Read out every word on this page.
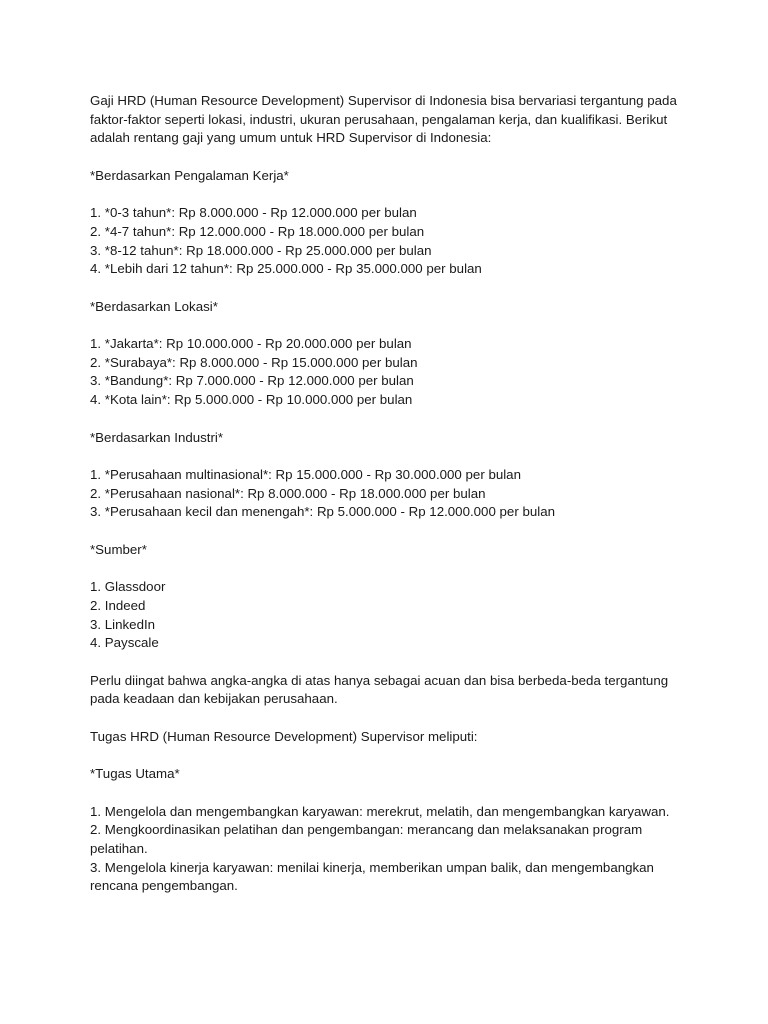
Gaji HRD (Human Resource Development) Supervisor di Indonesia bisa bervariasi tergantung pada faktor-faktor seperti lokasi, industri, ukuran perusahaan, pengalaman kerja, dan kualifikasi. Berikut adalah rentang gaji yang umum untuk HRD Supervisor di Indonesia:

*Berdasarkan Pengalaman Kerja*

1. *0-3 tahun*: Rp 8.000.000 - Rp 12.000.000 per bulan
2. *4-7 tahun*: Rp 12.000.000 - Rp 18.000.000 per bulan
3. *8-12 tahun*: Rp 18.000.000 - Rp 25.000.000 per bulan
4. *Lebih dari 12 tahun*: Rp 25.000.000 - Rp 35.000.000 per bulan

*Berdasarkan Lokasi*

1. *Jakarta*: Rp 10.000.000 - Rp 20.000.000 per bulan
2. *Surabaya*: Rp 8.000.000 - Rp 15.000.000 per bulan
3. *Bandung*: Rp 7.000.000 - Rp 12.000.000 per bulan
4. *Kota lain*: Rp 5.000.000 - Rp 10.000.000 per bulan

*Berdasarkan Industri*

1. *Perusahaan multinasional*: Rp 15.000.000 - Rp 30.000.000 per bulan
2. *Perusahaan nasional*: Rp 8.000.000 - Rp 18.000.000 per bulan
3. *Perusahaan kecil dan menengah*: Rp 5.000.000 - Rp 12.000.000 per bulan

*Sumber*

1. Glassdoor
2. Indeed
3. LinkedIn
4. Payscale

Perlu diingat bahwa angka-angka di atas hanya sebagai acuan dan bisa berbeda-beda tergantung pada keadaan dan kebijakan perusahaan.

Tugas HRD (Human Resource Development) Supervisor meliputi:

*Tugas Utama*

1. Mengelola dan mengembangkan karyawan: merekrut, melatih, dan mengembangkan karyawan.
2. Mengkoordinasikan pelatihan dan pengembangan: merancang dan melaksanakan program pelatihan.
3. Mengelola kinerja karyawan: menilai kinerja, memberikan umpan balik, dan mengembangkan rencana pengembangan.
